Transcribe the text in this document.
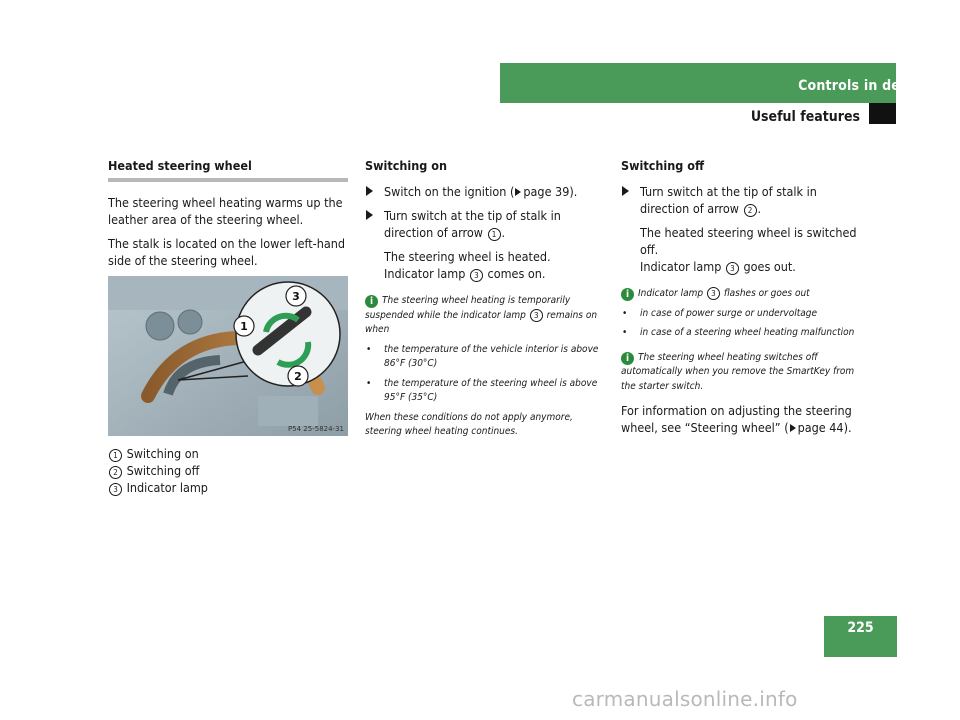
Controls in detail
Useful features
Heated steering wheel

The steering wheel heating warms up the leather area of the steering wheel.

The stalk is located on the lower left-hand side of the steering wheel.

1
2
3
P54 25-5824-31
1 Switching on
2 Switching off
3 Indicator lamp
Switching on
Switch on the ignition ( page 39).
Turn switch at the tip of stalk in direction of arrow 1 .
The steering wheel is heated.
Indicator lamp 3 comes on.

i The steering wheel heating is temporarily suspended while the indicator lamp 3 remains on when

• the temperature of the vehicle interior is above 86°F (30°C)
• the temperature of the steering wheel is above 95°F (35°C)

When these conditions do not apply anymore, steering wheel heating continues.

Switching off
Turn switch at the tip of stalk in direction of arrow 2 .
The heated steering wheel is switched off.
Indicator lamp 3 goes out.

i Indicator lamp 3 flashes or goes out

• in case of power surge or undervoltage
• in case of a steering wheel heating malfunction

i The steering wheel heating switches off automatically when you remove the SmartKey from the starter switch.

For information on adjusting the steering wheel, see “Steering wheel” ( page 44).

225
carmanualsonline.info
